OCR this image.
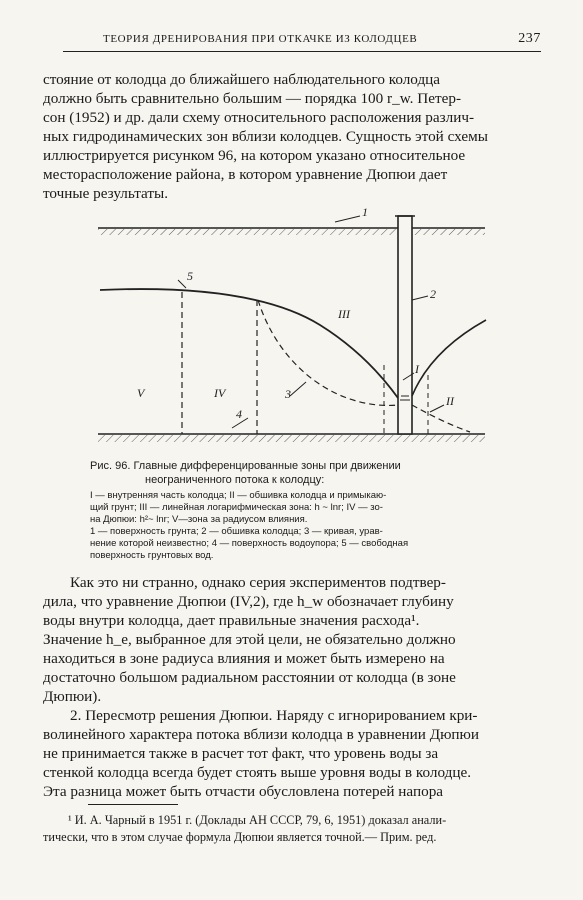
ТЕОРИЯ ДРЕНИРОВАНИЯ ПРИ ОТКАЧКЕ ИЗ КОЛОДЦЕВ	237
стояние от колодца до ближайшего наблюдательного колодца
должно быть сравнительно большим — порядка 100 r_w. Петер-
сон (1952) и др. дали схему относительного расположения различ-
ных гидродинамических зон вблизи колодцев. Сущность этой схемы
иллюстрируется рисунком 96, на котором указано относительное
месторасположение района, в котором уравнение Дюпюи дает
точные результаты.
1
2
3
4
5
I
II
III
IV
V
Рис. 96. Главные дифференцированные зоны при движении
неограниченного потока к колодцу:
I — внутренняя часть колодца; II — обшивка колодца и примыкаю-
щий грунт; III — линейная логарифмическая зона: h ~ lnr; IV — зо-
на Дюпюи: h²~ lnr; V—зона за радиусом влияния.
1 — поверхность грунта; 2 — обшивка колодца; 3 — кривая, урав-
нение которой неизвестно; 4 — поверхность водоупора; 5 — свободная
поверхность грунтовых вод.
Как это ни странно, однако серия экспериментов подтвер-
дила, что уравнение Дюпюи (IV,2), где h_w обозначает глубину
воды внутри колодца, дает правильные значения расхода¹.
Значение h_e, выбранное для этой цели, не обязательно должно
находиться в зоне радиуса влияния и может быть измерено на
достаточно большом радиальном расстоянии от колодца (в зоне
Дюпюи).
2. Пересмотр решения Дюпюи. Наряду с игнорированием кри-
волинейного характера потока вблизи колодца в уравнении Дюпюи
не принимается также в расчет тот факт, что уровень воды за
стенкой колодца всегда будет стоять выше уровня воды в колодце.
Эта разница может быть отчасти обусловлена потерей напора
¹ И. А. Чарный в 1951 г. (Доклады АН СССР, 79, 6, 1951) доказал анали-
тически, что в этом случае формула Дюпюи является точной.— Прим. ред.
